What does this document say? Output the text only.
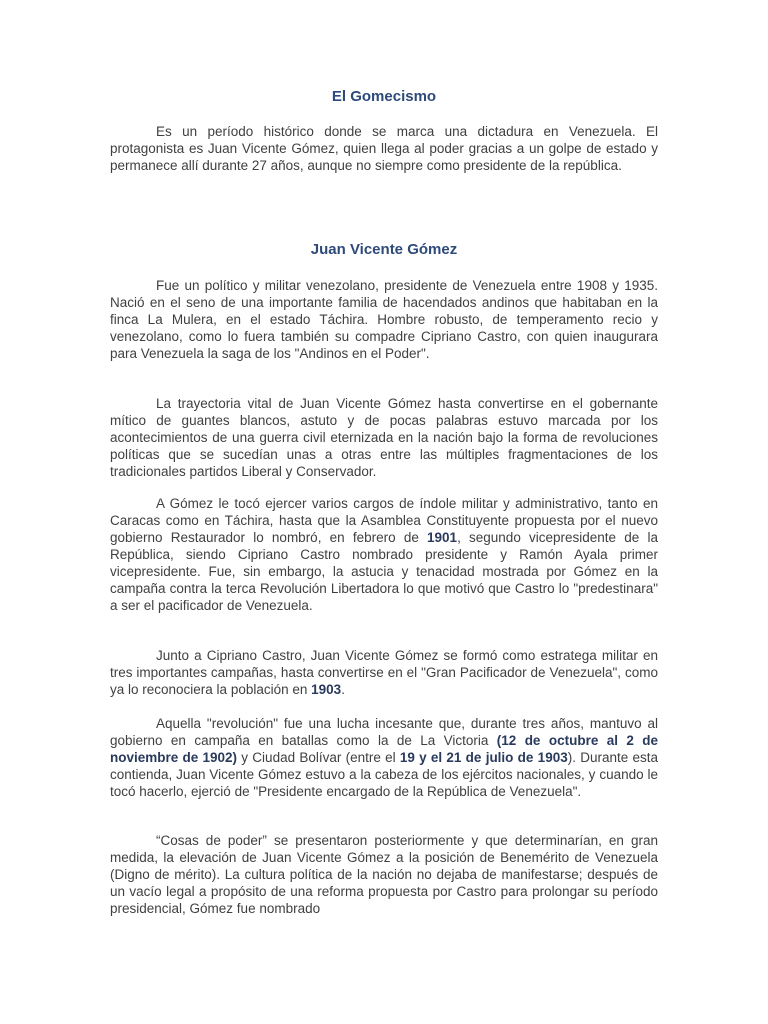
El Gomecismo

Es un período histórico donde se marca una dictadura en Venezuela. El protagonista es Juan Vicente Gómez, quien llega al poder gracias a un golpe de estado y permanece allí durante 27 años, aunque no siempre como presidente de la república.

Juan Vicente Gómez

Fue un político y militar venezolano, presidente de Venezuela entre 1908 y 1935. Nació en el seno de una importante familia de hacendados andinos que habitaban en la finca La Mulera, en el estado Táchira. Hombre robusto, de temperamento recio y venezolano, como lo fuera también su compadre Cipriano Castro, con quien inaugurara para Venezuela la saga de los "Andinos en el Poder".

La trayectoria vital de Juan Vicente Gómez hasta convertirse en el gobernante mítico de guantes blancos, astuto y de pocas palabras estuvo marcada por los acontecimientos de una guerra civil eternizada en la nación bajo la forma de revoluciones políticas que se sucedían unas a otras entre las múltiples fragmentaciones de los tradicionales partidos Liberal y Conservador.

A Gómez le tocó ejercer varios cargos de índole militar y administrativo, tanto en Caracas como en Táchira, hasta que la Asamblea Constituyente propuesta por el nuevo gobierno Restaurador lo nombró, en febrero de 1901, segundo vicepresidente de la República, siendo Cipriano Castro nombrado presidente y Ramón Ayala primer vicepresidente. Fue, sin embargo, la astucia y tenacidad mostrada por Gómez en la campaña contra la terca Revolución Libertadora lo que motivó que Castro lo "predestinara" a ser el pacificador de Venezuela.

Junto a Cipriano Castro, Juan Vicente Gómez se formó como estratega militar en tres importantes campañas, hasta convertirse en el "Gran Pacificador de Venezuela", como ya lo reconociera la población en 1903.

Aquella "revolución" fue una lucha incesante que, durante tres años, mantuvo al gobierno en campaña en batallas como la de La Victoria (12 de octubre al 2 de noviembre de 1902) y Ciudad Bolívar (entre el 19 y el 21 de julio de 1903). Durante esta contienda, Juan Vicente Gómez estuvo a la cabeza de los ejércitos nacionales, y cuando le tocó hacerlo, ejerció de "Presidente encargado de la República de Venezuela".

“Cosas de poder” se presentaron posteriormente y que determinarían, en gran medida, la elevación de Juan Vicente Gómez a la posición de Benemérito de Venezuela (Digno de mérito). La cultura política de la nación no dejaba de manifestarse; después de un vacío legal a propósito de una reforma propuesta por Castro para prolongar su período presidencial, Gómez fue nombrado
